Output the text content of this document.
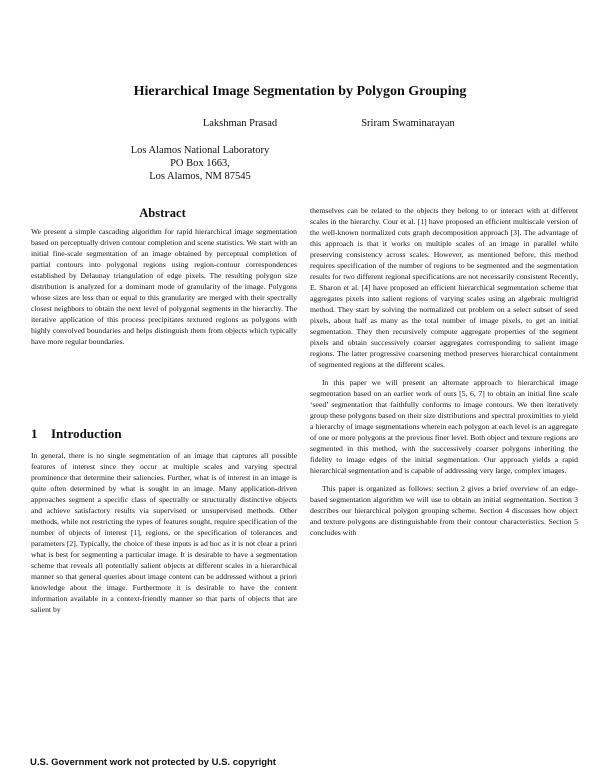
Hierarchical Image Segmentation by Polygon Grouping
Lakshman Prasad	Sriram Swaminarayan
Los Alamos National Laboratory
PO Box 1663,
Los Alamos, NM 87545
Abstract

We present a simple cascading algorithm for rapid hierarchical image segmentation based on perceptually driven contour completion and scene statistics. We start with an initial fine-scale segmentation of an image obtained by perceptual completion of partial contours into polygonal regions using region-contour correspondences established by Delaunay triangulation of edge pixels. The resulting polygon size distribution is analyzed for a dominant mode of granularity of the image. Polygons whose sizes are less than or equal to this granularity are merged with their spectrally closest neighbors to obtain the next level of polygonal segments in the hierarchy. The iterative application of this process precipitates textured regions as polygons with highly convolved boundaries and helps distinguish them from objects which typically have more regular boundaries.

1 Introduction

In general, there is no single segmentation of an image that captures all possible features of interest since they occur at multiple scales and varying spectral prominence that determine their saliencies. Further, what is of interest in an image is quite often determined by what is sought in an image. Many application-driven approaches segment a specific class of spectrally or structurally distinctive objects and achieve satisfactory results via supervised or unsupervised methods. Other methods, while not restricting the types of features sought, require specification of the number of objects of interest [1], regions, or the specification of tolerances and parameters [2]. Typically, the choice of these inputs is ad hoc as it is not clear a priori what is best for segmenting a particular image. It is desirable to have a segmentation scheme that reveals all potentially salient objects at different scales in a hierarchical manner so that general queries about image content can be addressed without a priori knowledge about the image. Furthermore it is desirable to have the content information available in a context-friendly manner so that parts of objects that are salient by

themselves can be related to the objects they belong to or interact with at different scales in the hierarchy. Cour et al. [1] have proposed an efficient multiscale version of the well-known normalized cuts graph decomposition approach [3]. The advantage of this approach is that it works on multiple scales of an image in parallel while preserving consistency across scales. However, as mentioned before, this method requires specification of the number of regions to be segmented and the segmentation results for two different regional specifications are not necessarily consistent Recently, E. Sharon et al. [4] have proposed an efficient hierarchical segmentation scheme that aggregates pixels into salient regions of varying scales using an algebraic multigrid method. They start by solving the normalized cut problem on a select subset of seed pixels, about half as many as the total number of image pixels, to get an initial segmentation. They then recursively compute aggregate properties of the segment pixels and obtain successively coarser aggregates corresponding to salient image regions. The latter progressive coarsening method preserves hierarchical containment of segmented regions at the different scales.

In this paper we will present an alternate approach to hierarchical image segmentation based on an earlier work of ours [5, 6, 7] to obtain an initial fine scale ‘seed’ segmentation that faithfully conforms to image contours. We then iteratively group these polygons based on their size distributions and spectral proximities to yield a hierarchy of image segmentations wherein each polygon at each level is an aggregate of one or more polygons at the previous finer level. Both object and texture regions are segmented in this method, with the successively coarser polygons inheriting the fidelity to image edges of the initial segmentation. Our approach yields a rapid hierarchical segmentation and is capable of addressing very large, complex images.

This paper is organized as follows: section 2 gives a brief overview of an edge-based segmentation algorithm we will use to obtain an initial segmentation. Section 3 describes our hierarchical polygon grouping scheme. Section 4 discusses how object and texture polygons are distinguishable from their contour characteristics. Section 5 concludes with

U.S. Government work not protected by U.S. copyright
